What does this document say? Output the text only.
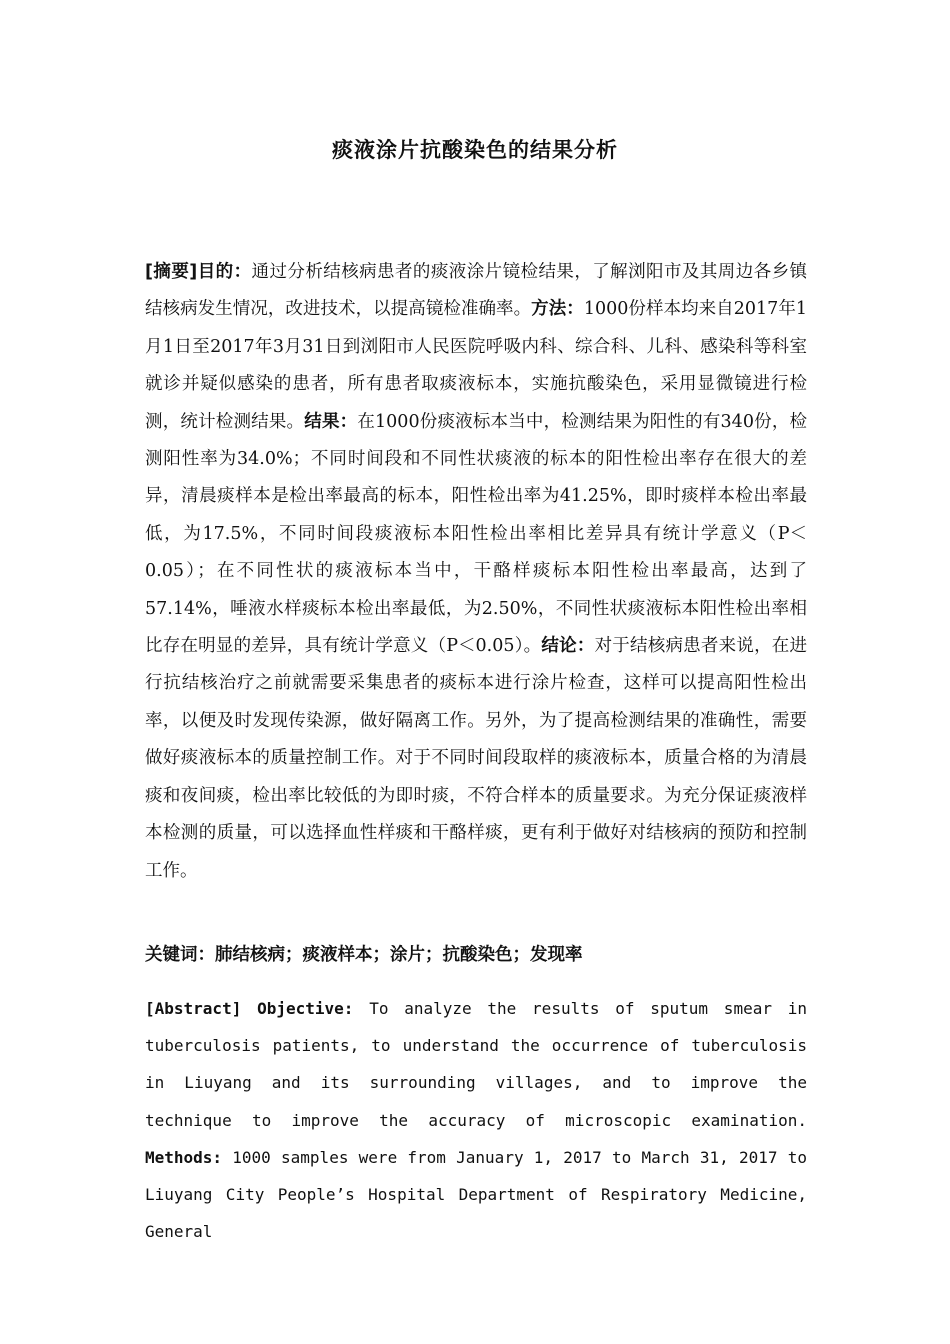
痰液涂片抗酸染色的结果分析
[摘要]目的：通过分析结核病患者的痰液涂片镜检结果，了解浏阳市及其周边各乡镇结核病发生情况，改进技术，以提高镜检准确率。方法：1000份样本均来自2017年1月1日至2017年3月31日到浏阳市人民医院呼吸内科、综合科、儿科、感染科等科室就诊并疑似感染的患者，所有患者取痰液标本，实施抗酸染色，采用显微镜进行检测，统计检测结果。结果：在1000份痰液标本当中，检测结果为阳性的有340份，检测阳性率为34.0%；不同时间段和不同性状痰液的标本的阳性检出率存在很大的差异，清晨痰样本是检出率最高的标本，阳性检出率为41.25%，即时痰样本检出率最低，为17.5%，不同时间段痰液标本阳性检出率相比差异具有统计学意义（P＜0.05）；在不同性状的痰液标本当中，干酪样痰标本阳性检出率最高，达到了57.14%，唾液水样痰标本检出率最低，为2.50%，不同性状痰液标本阳性检出率相比存在明显的差异，具有统计学意义（P＜0.05）。结论：对于结核病患者来说，在进行抗结核治疗之前就需要采集患者的痰标本进行涂片检查，这样可以提高阳性检出率，以便及时发现传染源，做好隔离工作。另外，为了提高检测结果的准确性，需要做好痰液标本的质量控制工作。对于不同时间段取样的痰液标本，质量合格的为清晨痰和夜间痰，检出率比较低的为即时痰，不符合样本的质量要求。为充分保证痰液样本检测的质量，可以选择血性样痰和干酪样痰，更有利于做好对结核病的预防和控制工作。
关键词：肺结核病；痰液样本；涂片；抗酸染色；发现率
[Abstract] Objective: To analyze the results of sputum smear in tuberculosis patients, to understand the occurrence of tuberculosis in Liuyang and its surrounding villages, and to improve the technique to improve the accuracy of microscopic examination. Methods: 1000 samples were from January 1, 2017 to March 31, 2017 to Liuyang City People’s Hospital Department of Respiratory Medicine, General
